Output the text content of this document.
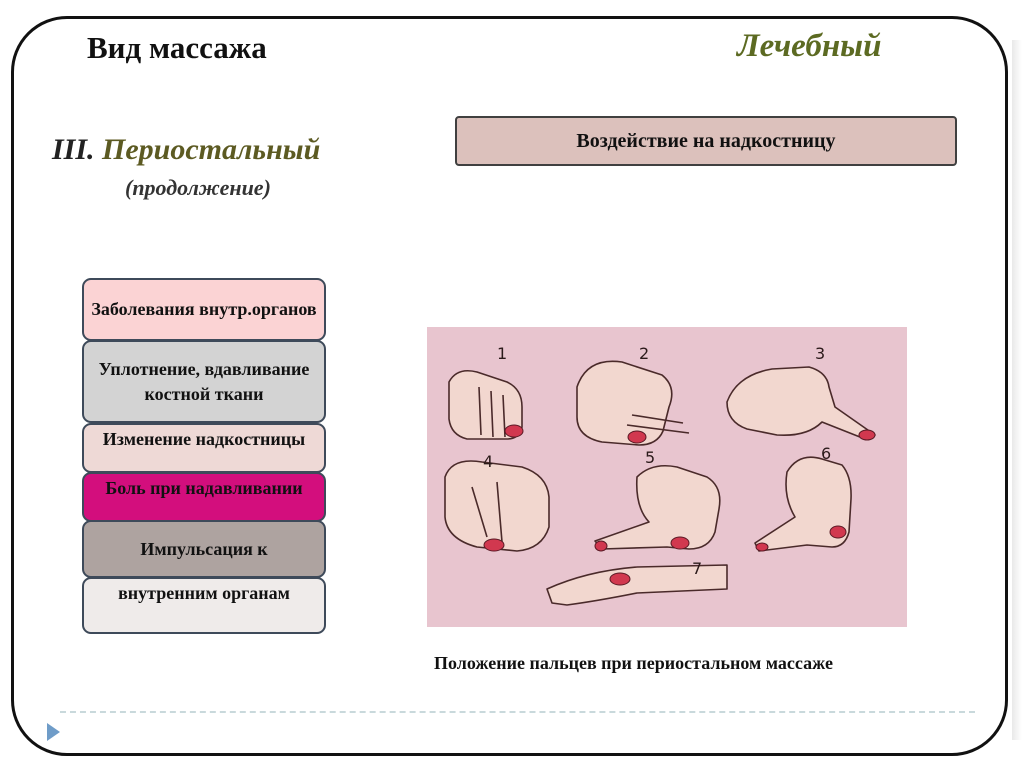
Вид массажа	Лечебный
III. Периостальный
(продолжение)
Воздействие на надкостницу
Заболевания внутр.органов
Уплотнение, вдавливание костной ткани
Изменение надкостницы
Боль при надавливании
Импульсация к
внутренним органам
1	2	3
4	5	6
7
Положение пальцев при периостальном массаже
